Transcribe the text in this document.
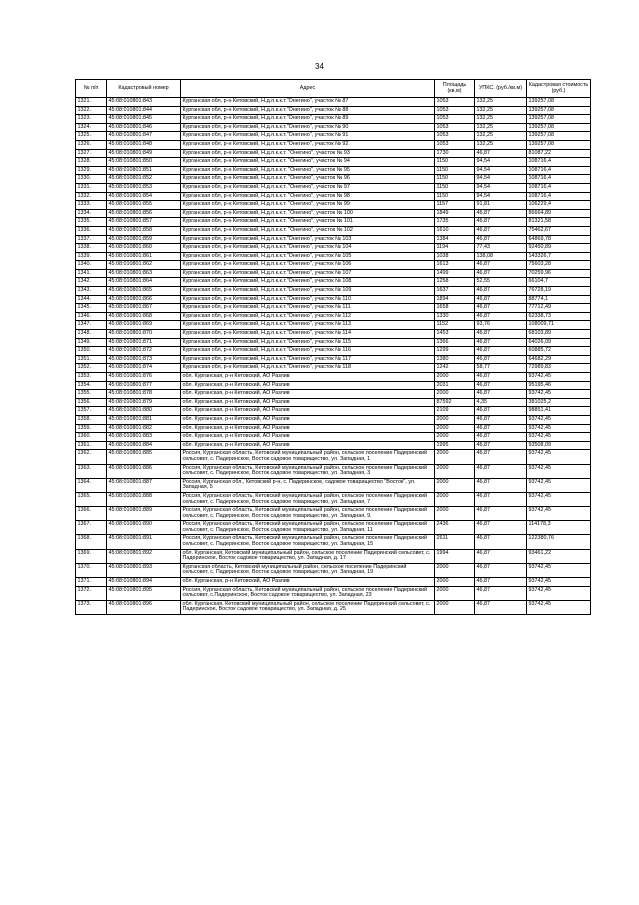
34
№ п/п	Кадастровый номер	Адрес	Площадь (кв.м)	УПКС. (руб./кв.м)	Кадастровая стоимость (руб.)
1321.	45:08:010801:843	Курганская обл, р-н Кетовский, Н.д.п.к.к.т."Онегино", участок № 87	1053	132,25	139257,08
1322.	45:08:010801:844	Курганская обл, р-н Кетовский, Н.д.п.к.к.т."Онегино", участок № 88	1053	132,25	139257,08
1323.	45:08:010801:845	Курганская обл, р-н Кетовский, Н.д.п.к.к.т."Онегино", участок № 89	1053	132,25	139257,08
1324.	45:08:010801:846	Курганская обл, р-н Кетовский, Н.д.п.к.к.т."Онегино", участок № 90	1053	132,25	139257,08
1325.	45:08:010801:847	Курганская обл, р-н Кетовский, Н.д.п.к.к.т."Онегино", участок № 91	1053	132,25	139257,08
1326.	45:08:010801:848	Курганская обл, р-н Кетовский, Н.д.п.к.к.т."Онегино", участок № 92	1053	132,25	139257,08
1327.	45:08:010801:849	Курганская обл, р-н Кетовский, Н.д.п.к.к.т. "Онегино", участок № 93	1730	46,87	81087,22
1328.	45:08:010801:850	Курганская обл, р-н Кетовский, Н.д.п.к.к.т. "Онегино", участок № 94	1150	94,54	108716,4
1329.	45:08:010801:851	Курганская обл, р-н Кетовский, Н.д.п.к.к.т. "Онегино", участок № 95	1150	94,54	108716,4
1330.	45:08:010801:852	Курганская обл, р-н Кетовский, Н.д.п.к.к.т. "Онегино", участок № 96	1150	94,54	108716,4
1331.	45:08:010801:853	Курганская обл, р-н Кетовский, Н.д.п.к.к.т. "Онегино", участок № 97	1150	94,54	108716,4
1332.	45:08:010801:854	Курганская обл, р-н Кетовский, Н.д.п.к.к.т. "Онегино", участок № 98	1150	94,54	108716,4
1333.	45:08:010801:855	Курганская обл, р-н Кетовский, Н.д.п.к.к.т. "Онегино", участок № 99	1157	91,81	106229,4
1334.	45:08:010801:856	Курганская обл, р-н Кетовский, Н.д.п.к.к.т. "Онегино", участок № 100	1849	46,87	86664,89
1335.	45:08:010801:857	Курганская обл, р-н Кетовский, Н.д.п.к.к.т. "Онегино", участок № 101	1735	46,87	81321,58
1336.	45:08:010801:858	Курганская обл, р-н Кетовский, Н.д.п.к.к.т. "Онегино", участок № 102	1610	46,87	75462,67
1337.	45:08:010801:859	Курганская обл, р-н Кетовский, Н.д.п.к.к.т."Онегино", участок № 103	1384	46,87	64869,78
1338.	45:08:010801:860	Курганская обл, р-н Кетовский, Н.д.п.к.к.т."Онегино", участок № 104	1194	77,43	92450,89
1339.	45:08:010801:861	Курганская обл, р-н Кетовский, Н.д.п.к.к.т."Онегино", участок № 105	1038	138,08	143326,7
1340.	45:08:010801:862	Курганская обл, р-н Кетовский, Н.д.п.к.к.т."Онегино", участок № 106	1613	46,87	75603,28
1341.	45:08:010801:863	Курганская обл, р-н Кетовский, Н.д.п.к.к.т."Онегино", участок № 107	1499	46,87	70259,96
1342.	45:08:010801:864	Курганская обл, р-н Кетовский, Н.д.п.к.к.т."Онегино", участок № 108	1258	52,55	66104,7
1343.	45:08:010801:865	Курганская обл, р-н Кетовский, Н.д.п.к.к.т."Онегино", участок № 109	1637	46,87	76728,19
1344.	45:08:010801:866	Курганская обл, р-н Кетовский, Н.д.п.к.к.т."Онегино", участок № 110	1894	46,87	88774,1
1345.	45:08:010801:867	Курганская обл, р-н Кетовский, Н.д.п.к.к.т."Онегино", участок № 111	1658	46,87	77712,49
1346.	45:08:010801:868	Курганская обл, р-н Кетовский, Н.д.п.к.к.т."Онегино", участок № 112	1330	46,87	62338,73
1347.	45:08:010801:869	Курганская обл, р-н Кетовский, Н.д.п.к.к.т."Онегино", участок № 113	1152	93,76	108009,71
1348.	45:08:010801:870	Курганская обл, р-н Кетовский, Н.д.п.к.к.т."Онегино", участок № 114	1453	46,87	68103,89
1349.	45:08:010801:871	Курганская обл, р-н Кетовский, Н.д.п.к.к.т."Онегино", участок № 115	1366	46,87	64026,09
1350.	45:08:010801:872	Курганская обл, р-н Кетовский, Н.д.п.к.к.т."Онегино", участок № 116	1299	46,87	60885,72
1351.	45:08:010801:873	Курганская обл, р-н Кетовский, Н.д.п.к.к.т."Онегино", участок № 117	1380	46,87	64682,29
1352.	45:08:010801:874	Курганская обл, р-н Кетовский, Н.д.п.к.к.т."Онегино", участок № 118	1242	58,77	72989,83
1353.	45:08:010801:876	обл. Курганская, р-н Кетовский, АО Разлив	2000	46,87	93742,45
1354.	45:08:010801:877	обл. Курганская, р-н Кетовский, АО Разлив	2031	46,87	95195,46
1355.	45:08:010801:878	обл. Курганская, р-н Кетовский, АО Разлив	2000	46,87	93742,45
1356.	45:08:010801:879	обл. Курганская, р-н Кетовский, АО Разлив	87592	4,35	381025,2
1357.	45:08:010801:880	обл. Курганская, р-н Кетовский, АО Разлив	2109	46,87	98851,41
1358.	45:08:010801:881	обл. Курганская, р-н Кетовский, АО Разлив	2000	46,87	93742,45
1359.	45:08:010801:882	обл. Курганская, р-н Кетовский, АО Разлив	2000	46,87	93742,45
1360.	45:08:010801:883	обл. Курганская, р-н Кетовский, АО Разлив	2000	46,87	93742,45
1361.	45:08:010801:884	обл. Курганская, р-н Кетовский, АО Разлив	1995	46,87	93508,09
1362.	45:08:010801:885	Россия, Курганская область, Кетовский муниципальный район, сельское поселение Падеринский сельсовет, с. Падеринское, Восток садовое товарищество, ул. Западная, 1	2000	46,87	93742,45
1363.	45:08:010801:886	Россия, Курганская область, Кетовский муниципальный район, сельское поселение Падеринский сельсовет, с. Падеринское, Восток садовое товарищество, ул. Западная, 3	2000	46,87	93742,45
1364.	45:08:010801:887	Россия, Курганская обл., Кетовский р-н, с. Падеринское, садовое товарищество "Восток", ул. Западная, 5	2000	46,87	93742,45
1365.	45:08:010801:888	Россия, Курганская область, Кетовский муниципальный район, сельское поселение Падеринский сельсовет, с. Падеринское, Восток садовое товарищество, ул. Западная, 7	2000	46,87	93742,45
1366.	45:08:010801:889	Россия, Курганская область, Кетовский муниципальный район, сельское поселение Падеринский сельсовет, с. Падеринское, Восток садовое товарищество, ул. Западная, 9.	2000	46,87	93742,45
1367.	45:08:010801:890	Россия, Курганская область, Кетовский муниципальный район, сельское поселение Падеринский сельсовет, с. Падеринское, Восток садовое товарищество, ул. Западная, 11	2436	46,87	114178,3
1368.	45:08:010801:891	Россия, Курганская область, Кетовский муниципальный район, сельское поселение Падеринский сельсовет, с. Падеринское, Восток садовое товарищество, ул. Западная, 15	2611	46,87	122380,76
1369.	45:08:010801:892	обл. Курганская, Кетовский муниципальный район, сельское поселение Падеринский сельсовет, с. Падеринское, Восток садовое товарищество, ул. Западная, д. 17	1994	46,87	93461,22
1370.	45:08:010801:893	Курганская область, Кетовский муниципальный район, сельское поселение Падеринский сельсовет, с. Падеринское, Восток садовое товарищество, ул. Западная, 19	2000	46,87	93742,45
1371.	45:08:010801:894	обл. Курганская, р-н Кетовский, АО Разлив	2000	46,87	93742,45
1372.	45:08:010801:895	Россия, Курганская область, Кетовский муниципальный район, сельское поселение Падеринский сельсовет, с.Падеринское, Восток садовое товарищество, ул. Западная, 23	2000	46,87	93742,45
1373.	45:08:010801:896	обл. Курганская, Кетовский муниципальный район, сельское поселение Падеринский сельсовет, с. Падеринское, Восток садовое товарищество, ул. Западная, д. 25	2000	46,87	93742,45
